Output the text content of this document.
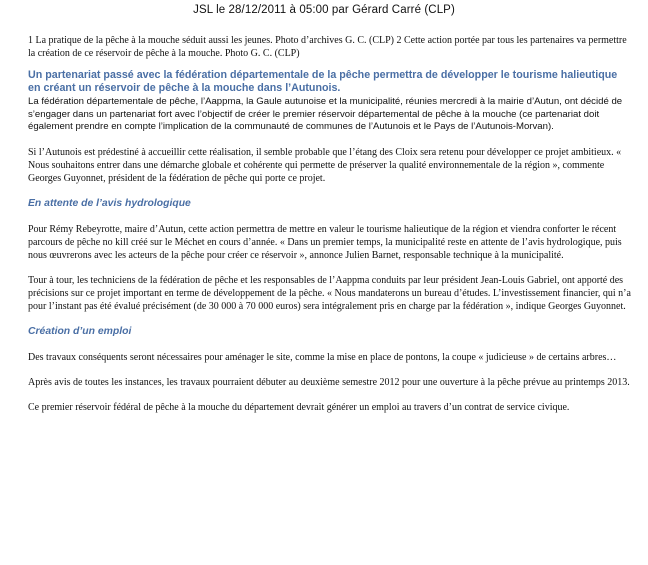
JSL le 28/12/2011 à 05:00 par Gérard Carré (CLP)

1 La pratique de la pêche à la mouche séduit aussi les jeunes. Photo d’archives G. C. (CLP) 2 Cette action portée par tous les partenaires va permettre la création de ce réservoir de pêche à la mouche. Photo G. C. (CLP)

Un partenariat passé avec la fédération départementale de la pêche permettra de développer le tourisme halieutique en créant un réservoir de pêche à la mouche dans l’Autunois.

La fédération départementale de pêche, l’Aappma, la Gaule autunoise et la municipalité, réunies mercredi à la mairie d’Autun, ont décidé de s’engager dans un partenariat fort avec l’objectif de créer le premier réservoir départemental de pêche à la mouche (ce partenariat doit également prendre en compte l’implication de la communauté de communes de l’Autunois et le Pays de l’Autunois-Morvan).

Si l’Autunois est prédestiné à accueillir cette réalisation, il semble probable que l’étang des Cloix sera retenu pour développer ce projet ambitieux. « Nous souhaitons entrer dans une démarche globale et cohérente qui permette de préserver la qualité environnementale de la région », commente Georges Guyonnet, président de la fédération de pêche qui porte ce projet.

En attente de l’avis hydrologique

Pour Rémy Rebeyrotte, maire d’Autun, cette action permettra de mettre en valeur le tourisme halieutique de la région et viendra conforter le récent parcours de pêche no kill créé sur le Méchet en cours d’année. « Dans un premier temps, la municipalité reste en attente de l’avis hydrologique, puis nous œuvrerons avec les acteurs de la pêche pour créer ce réservoir », annonce Julien Barnet, responsable technique à la municipalité.

Tour à tour, les techniciens de la fédération de pêche et les responsables de l’Aappma conduits par leur président Jean-Louis Gabriel, ont apporté des précisions sur ce projet important en terme de développement de la pêche. « Nous mandaterons un bureau d’études. L’investissement financier, qui n’a pour l’instant pas été évalué précisément (de 30 000 à 70 000 euros) sera intégralement pris en charge par la fédération », indique Georges Guyonnet.

Création d’un emploi

Des travaux conséquents seront nécessaires pour aménager le site, comme la mise en place de pontons, la coupe « judicieuse » de certains arbres…

Après avis de toutes les instances, les travaux pourraient débuter au deuxième semestre 2012 pour une ouverture à la pêche prévue au printemps 2013.

Ce premier réservoir fédéral de pêche à la mouche du département devrait générer un emploi au travers d’un contrat de service civique.
